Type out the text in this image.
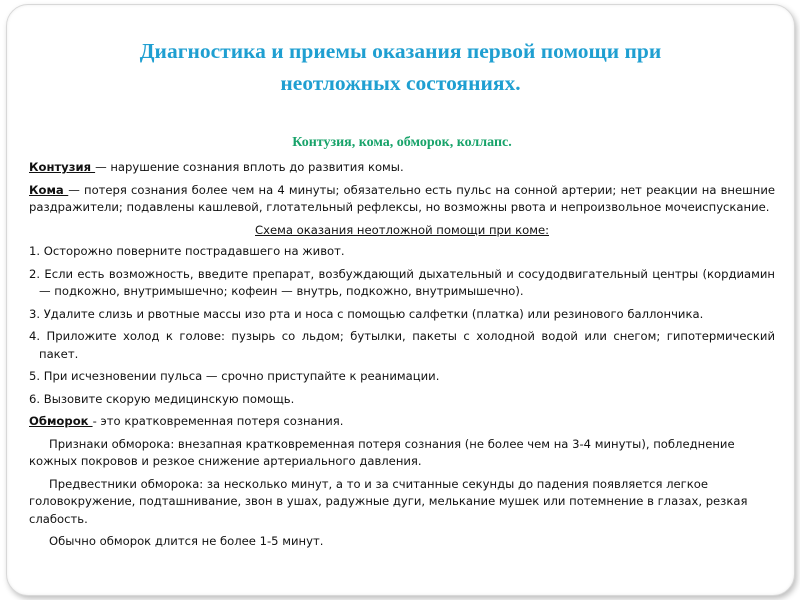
Диагностика и приемы оказания первой помощи при
неотложных состояниях.
Контузия, кома, обморок, коллапс.

Контузия — нарушение сознания вплоть до развития комы.

Кома — потеря сознания более чем на 4 минуты; обязательно есть пульс на сонной артерии; нет реакции на внешние раздражители; подавлены кашлевой, глотательный рефлексы, но возможны рвота и непроизвольное мочеиспускание.

Схема оказания неотложной помощи при коме:

1. Осторожно поверните пострадавшего на живот.

2. Если есть возможность, введите препарат, возбуждающий дыхательный и сосудодвигательный центры (кордиамин — подкожно, внутримышечно; кофеин — внутрь, подкожно, внутримышечно).

3. Удалите слизь и рвотные массы изо рта и носа с помощью салфетки (платка) или резинового баллончика.

4. Приложите холод к голове: пузырь со льдом; бутылки, пакеты с холодной водой или снегом; гипотермический пакет.

5. При исчезновении пульса — срочно приступайте к реанимации.

6. Вызовите скорую медицинскую помощь.

Обморок - это кратковременная потеря сознания.

Признаки обморока: внезапная кратковременная потеря сознания (не более чем на 3-4 минуты), побледнение кожных покровов и резкое снижение артериального давления.

Предвестники обморока: за несколько минут, а то и за считанные секунды до падения появляется легкое головокружение, подташнивание, звон в ушах, радужные дуги, мелькание мушек или потемнение в глазах, резкая слабость.

Обычно обморок длится не более 1-5 минут.
